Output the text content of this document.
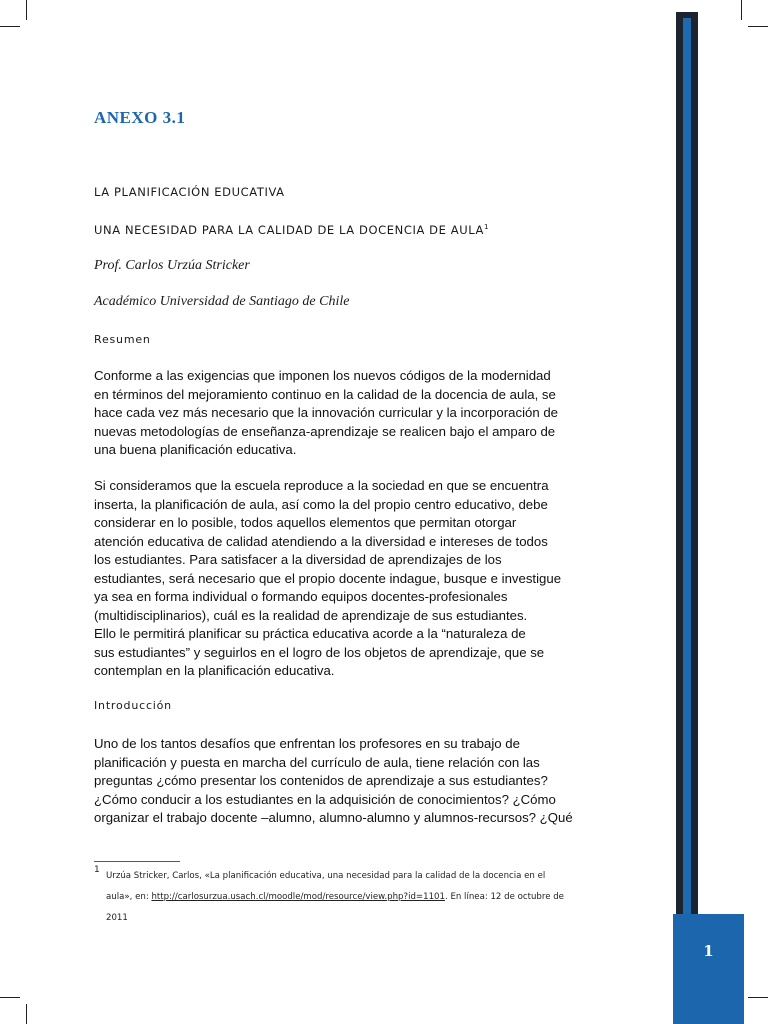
1
ANEXO 3.1
LA PLANIFICACIÓN EDUCATIVA
UNA NECESIDAD PARA LA CALIDAD DE LA DOCENCIA DE AULA$^1$
Prof. Carlos Urzúa Stricker
Académico Universidad de Santiago de Chile
Resumen
Conforme a las exigencias que imponen los nuevos códigos de la modernidad
en términos del mejoramiento continuo en la calidad de la docencia de aula, se
hace cada vez más necesario que la innovación curricular y la incorporación de
nuevas metodologías de enseñanza-aprendizaje se realicen bajo el amparo de
una buena planificación educativa.
Si consideramos que la escuela reproduce a la sociedad en que se encuentra
inserta, la planificación de aula, así como la del propio centro educativo, debe
considerar en lo posible, todos aquellos elementos que permitan otorgar
atención educativa de calidad atendiendo a la diversidad e intereses de todos
los estudiantes. Para satisfacer a la diversidad de aprendizajes de los
estudiantes, será necesario que el propio docente indague, busque e investigue
ya sea en forma individual o formando equipos docentes-profesionales
(multidisciplinarios), cuál es la realidad de aprendizaje de sus estudiantes.
Ello le permitirá planificar su práctica educativa acorde a la “naturaleza de
sus estudiantes” y seguirlos en el logro de los objetos de aprendizaje, que se
contemplan en la planificación educativa.
Introducción
Uno de los tantos desafíos que enfrentan los profesores en su trabajo de
planificación y puesta en marcha del currículo de aula, tiene relación con las
preguntas ¿cómo presentar los contenidos de aprendizaje a sus estudiantes?
¿Cómo conducir a los estudiantes en la adquisición de conocimientos? ¿Cómo
organizar el trabajo docente –alumno, alumno-alumno y alumnos-recursos? ¿Qué
1
Urzúa Stricker, Carlos, «La planificación educativa, una necesidad para la calidad de la docencia en el
aula», en: http://carlosurzua.usach.cl/moodle/mod/resource/view.php?id=1101. En línea: 12 de octubre de
2011
